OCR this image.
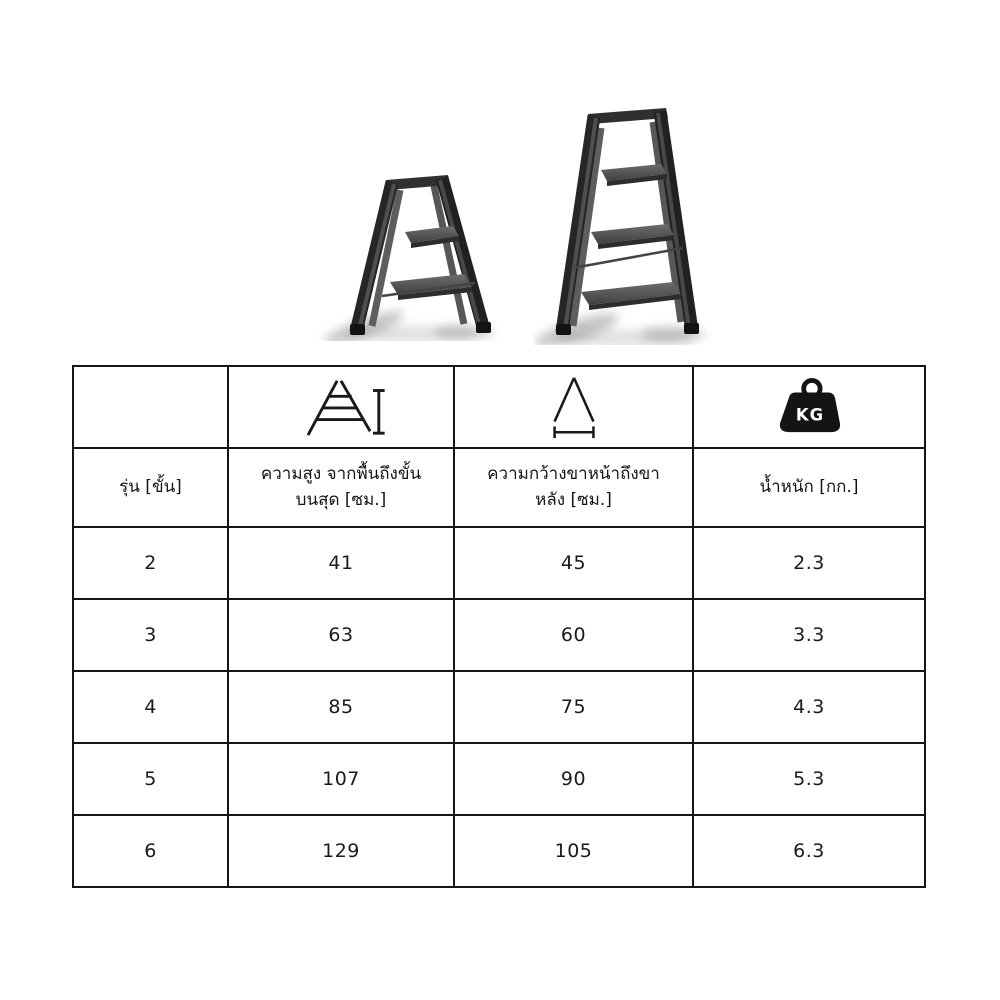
KG

รุ่น [ขั้น]

ความสูง จากพื้นถึงขั้น
บนสุด [ซม.]

ความกว้างขาหน้าถึงขา
หลัง [ซม.]

น้ำหนัก [กก.]

2	41	45	2.3
3	63	60	3.3
4	85	75	4.3
5	107	90	5.3
6	129	105	6.3
